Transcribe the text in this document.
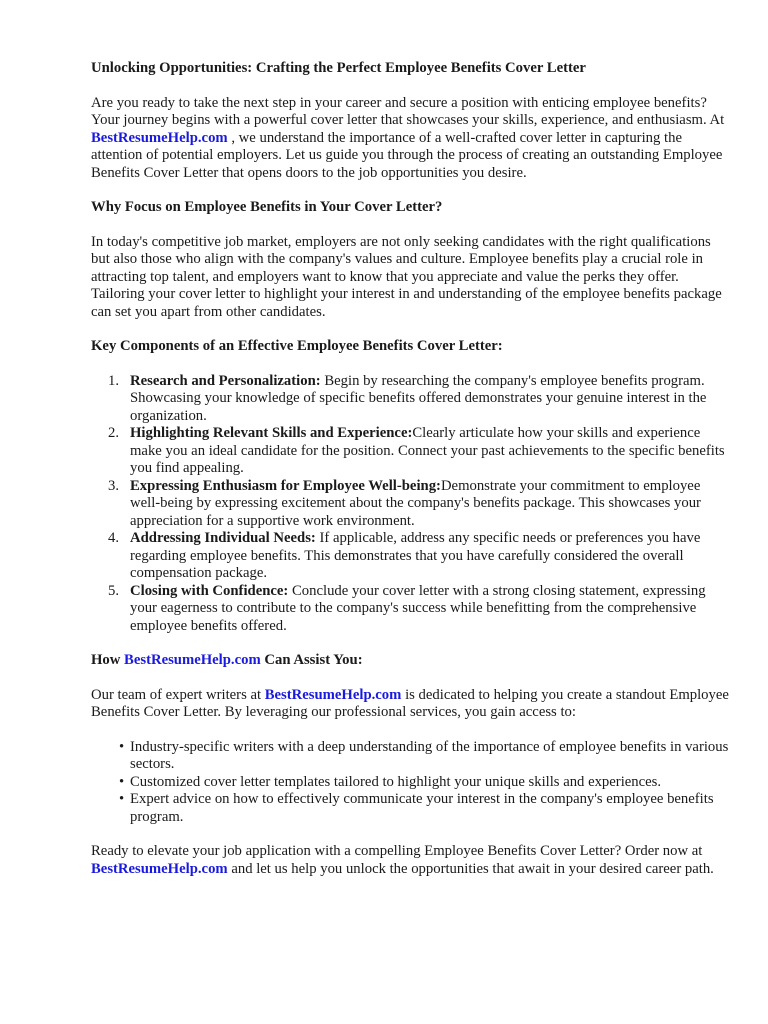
Unlocking Opportunities: Crafting the Perfect Employee Benefits Cover Letter

Are you ready to take the next step in your career and secure a position with enticing employee benefits? Your journey begins with a powerful cover letter that showcases your skills, experience, and enthusiasm. At BestResumeHelp.com , we understand the importance of a well-crafted cover letter in capturing the attention of potential employers. Let us guide you through the process of creating an outstanding Employee Benefits Cover Letter that opens doors to the job opportunities you desire.

Why Focus on Employee Benefits in Your Cover Letter?

In today's competitive job market, employers are not only seeking candidates with the right qualifications but also those who align with the company's values and culture. Employee benefits play a crucial role in attracting top talent, and employers want to know that you appreciate and value the perks they offer. Tailoring your cover letter to highlight your interest in and understanding of the employee benefits package can set you apart from other candidates.

Key Components of an Effective Employee Benefits Cover Letter:
1. Research and Personalization: Begin by researching the company's employee benefits program. Showcasing your knowledge of specific benefits offered demonstrates your genuine interest in the organization.
2. Highlighting Relevant Skills and Experience:Clearly articulate how your skills and experience make you an ideal candidate for the position. Connect your past achievements to the specific benefits you find appealing.
3. Expressing Enthusiasm for Employee Well-being:Demonstrate your commitment to employee well-being by expressing excitement about the company's benefits package. This showcases your appreciation for a supportive work environment.
4. Addressing Individual Needs: If applicable, address any specific needs or preferences you have regarding employee benefits. This demonstrates that you have carefully considered the overall compensation package.
5. Closing with Confidence: Conclude your cover letter with a strong closing statement, expressing your eagerness to contribute to the company's success while benefitting from the comprehensive employee benefits offered.
How BestResumeHelp.com Can Assist You:

Our team of expert writers at BestResumeHelp.com is dedicated to helping you create a standout Employee Benefits Cover Letter. By leveraging our professional services, you gain access to:

• Industry-specific writers with a deep understanding of the importance of employee benefits in various sectors.
• Customized cover letter templates tailored to highlight your unique skills and experiences.
• Expert advice on how to effectively communicate your interest in the company's employee benefits program.

Ready to elevate your job application with a compelling Employee Benefits Cover Letter? Order now at BestResumeHelp.com and let us help you unlock the opportunities that await in your desired career path.
